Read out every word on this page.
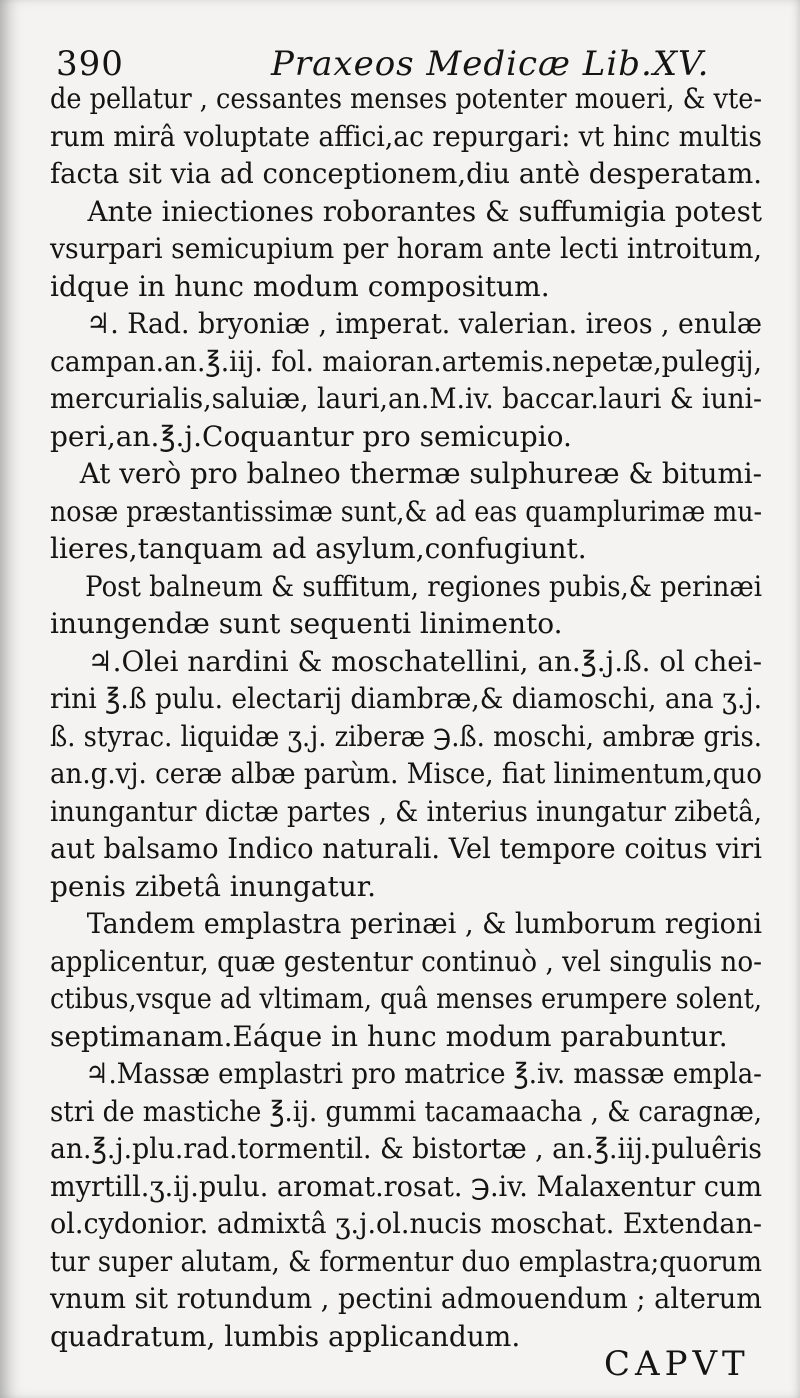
390	Praxeos Medicæ Lib.XV.
de pellatur , cessantes menses potenter moueri, & vte-
rum mirâ voluptate affici,ac repurgari: vt hinc multis
facta sit via ad conceptionem,diu antè desperatam.
Ante iniectiones roborantes & suffumigia potest
vsurpari semicupium per horam ante lecti introitum,
idque in hunc modum compositum.
♃. Rad. bryoniæ , imperat. valerian. ireos , enulæ
campan.an.℥.iij. fol. maioran.artemis.nepetæ,pulegij,
mercurialis,saluiæ, lauri,an.M.iv. baccar.lauri & iuni-
peri,an.℥.j.Coquantur pro semicupio.
At verò pro balneo thermæ sulphureæ & bitumi-
nosæ præstantissimæ sunt,& ad eas quamplurimæ mu-
lieres,tanquam ad asylum,confugiunt.
Post balneum & suffitum, regiones pubis,& perinæi
inungendæ sunt sequenti linimento.
♃.Olei nardini & moschatellini, an.℥.j.ß. ol chei-
rini ℥.ß pulu. electarij diambræ,& diamoschi, ana ʒ.j.
ß. styrac. liquidæ ʒ.j. ziberæ ℈.ß. moschi, ambræ gris.
an.g.vj. ceræ albæ parùm. Misce, fiat linimentum,quo
inungantur dictæ partes , & interius inungatur zibetâ,
aut balsamo Indico naturali. Vel tempore coitus viri
penis zibetâ inungatur.
Tandem emplastra perinæi , & lumborum regioni
applicentur, quæ gestentur continuò , vel singulis no-
ctibus,vsque ad vltimam, quâ menses erumpere solent,
septimanam.Eáque in hunc modum parabuntur.
♃.Massæ emplastri pro matrice ℥.iv. massæ empla-
stri de mastiche ℥.ij. gummi tacamaacha , & caragnæ,
an.℥.j.plu.rad.tormentil. & bistortæ , an.℥.iij.puluêris
myrtill.ʒ.ij.pulu. aromat.rosat. ℈.iv. Malaxentur cum
ol.cydonior. admixtâ ʒ.j.ol.nucis moschat. Extendan-
tur super alutam, & formentur duo emplastra;quorum
vnum sit rotundum , pectini admouendum ; alterum
quadratum, lumbis applicandum.
CAPVT
